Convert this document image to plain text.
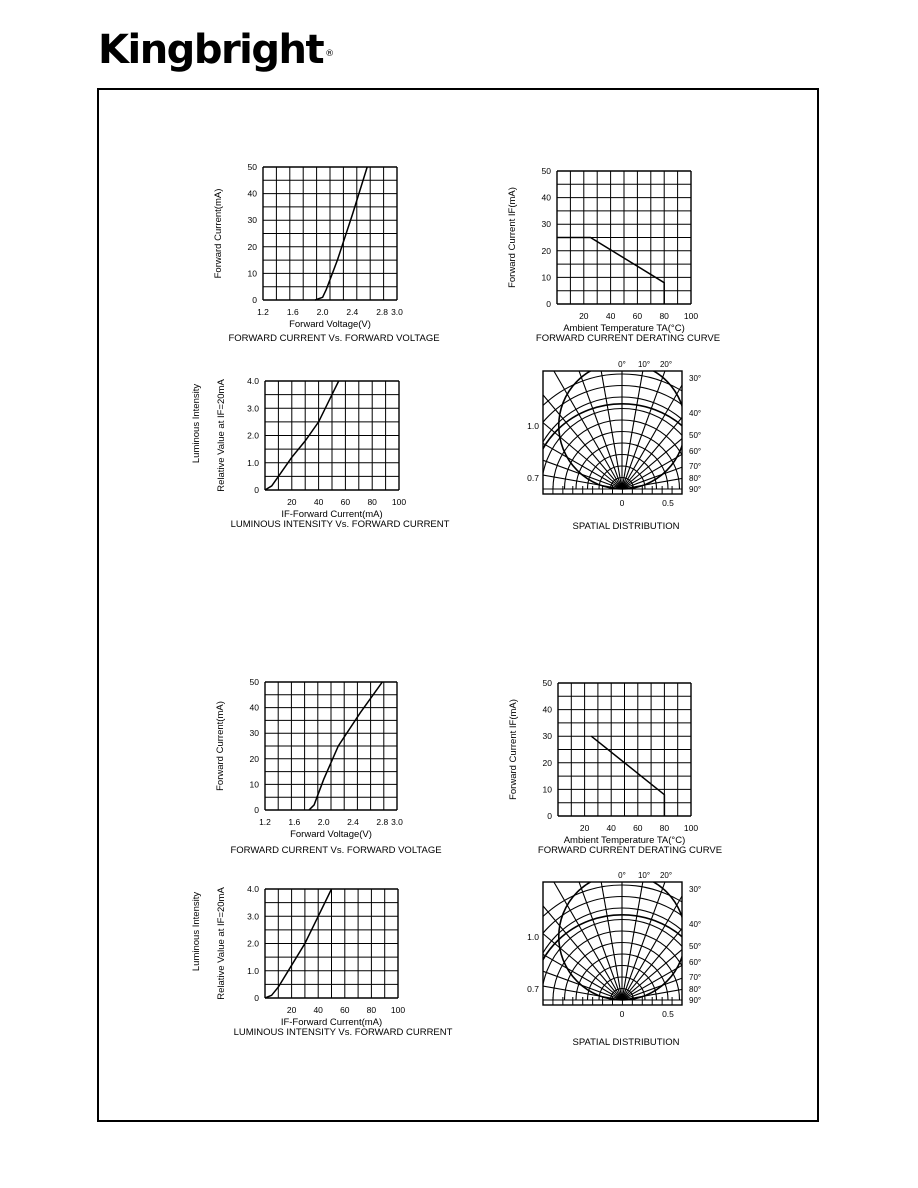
Kingbright ®
0
10
20
30
40
50
1.2 1.6 2.0 2.4 2.8 3.0
Forward Voltage(V)
Forward Current(mA)
FORWARD CURRENT Vs. FORWARD VOLTAGE
0
10
20
30
40
50
20 40 60 80 100
Ambient Temperature TA(°C)
Forward Current IF(mA)
FORWARD CURRENT DERATING CURVE
0
1.0
2.0
3.0
4.0
20 40 60 80 100
IF-Forward Current(mA)
Relative Value at IF=20mA
Luminous Intensity
LUMINOUS INTENSITY Vs. FORWARD CURRENT
0° 10° 20°
30°
40°
50°
60°
70°
80°
90°
1.0
0.7
0	0.5
SPATIAL DISTRIBUTION
0
10
20
30
40
50
1.2 1.6 2.0 2.4 2.8 3.0
Forward Voltage(V)
Forward Current(mA)
FORWARD CURRENT Vs. FORWARD VOLTAGE
0
10
20
30
40
50
20 40 60 80 100
Ambient Temperature TA(°C)
Forward Current IF(mA)
FORWARD CURRENT DERATING CURVE
0
1.0
2.0
3.0
4.0
20 40 60 80 100
IF-Forward Current(mA)
Relative Value at IF=20mA
Luminous Intensity
LUMINOUS INTENSITY Vs. FORWARD CURRENT
0° 10° 20°
30°
40°
50°
60°
70°
80°
90°
1.0
0.7
0	0.5
SPATIAL DISTRIBUTION
